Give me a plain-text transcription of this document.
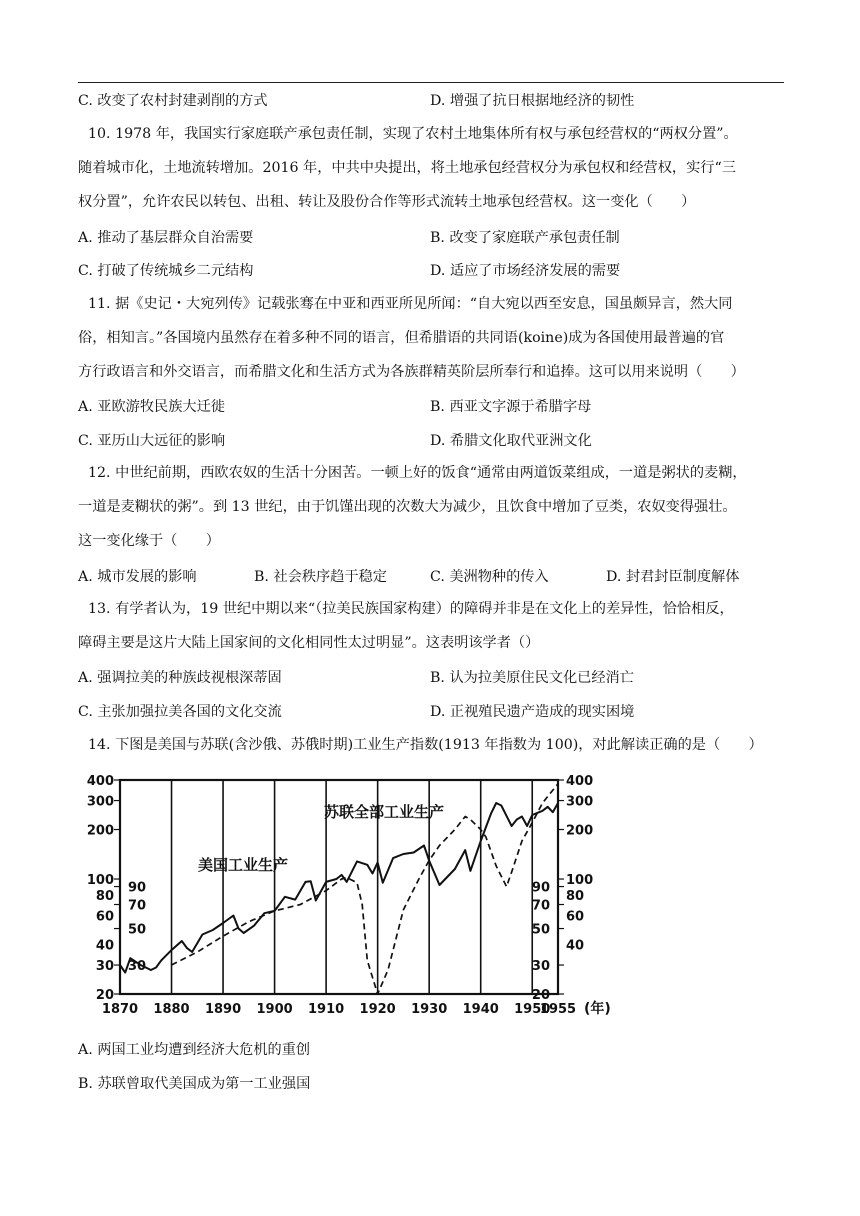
C. 改变了农村封建剥削的方式	D. 增强了抗日根据地经济的韧性
10. 1978 年，我国实行家庭联产承包责任制，实现了农村土地集体所有权与承包经营权的“两权分置”。
随着城市化，土地流转增加。2016 年，中共中央提出，将土地承包经营权分为承包权和经营权，实行“三
权分置”，允许农民以转包、出租、转让及股份合作等形式流转土地承包经营权。这一变化（　　）
A. 推动了基层群众自治需要	B. 改变了家庭联产承包责任制
C. 打破了传统城乡二元结构	D. 适应了市场经济发展的需要
11. 据《史记・大宛列传》记载张骞在中亚和西亚所见所闻：“自大宛以西至安息，国虽颇异言，然大同
俗，相知言。”各国境内虽然存在着多种不同的语言，但希腊语的共同语(koine)成为各国使用最普遍的官
方行政语言和外交语言，而希腊文化和生活方式为各族群精英阶层所奉行和追捧。这可以用来说明（　　）
A. 亚欧游牧民族大迁徙	B. 西亚文字源于希腊字母
C. 亚历山大远征的影响	D. 希腊文化取代亚洲文化
12. 中世纪前期，西欧农奴的生活十分困苦。一顿上好的饭食“通常由两道饭菜组成，一道是粥状的麦糊，
一道是麦糊状的粥”。到 13 世纪，由于饥馑出现的次数大为减少，且饮食中增加了豆类，农奴变得强壮。
这一变化缘于（　　）
A. 城市发展的影响	B. 社会秩序趋于稳定	C. 美洲物种的传入	D. 封君封臣制度解体
13. 有学者认为，19 世纪中期以来“（拉美民族国家构建）的障碍并非是在文化上的差异性，恰恰相反，
障碍主要是这片大陆上国家间的文化相同性太过明显”。这表明该学者（）
A. 强调拉美的种族歧视根深蒂固	B. 认为拉美原住民文化已经消亡
C. 主张加强拉美各国的文化交流	D. 正视殖民遗产造成的现实困境
14. 下图是美国与苏联(含沙俄、苏俄时期)工业生产指数(1913 年指数为 100)，对此解读正确的是（　　）
1870 1880 1890 1900 1910 1920 1930 1940 1950
1955
400
300
200
100
80
60
40
30
20
90
70
50
30
90
70
50
30
20
400
300
200
100
80
60
40
美国工业生产
苏联全部工业生产
(年)
A. 两国工业均遭到经济大危机的重创
B. 苏联曾取代美国成为第一工业强国
